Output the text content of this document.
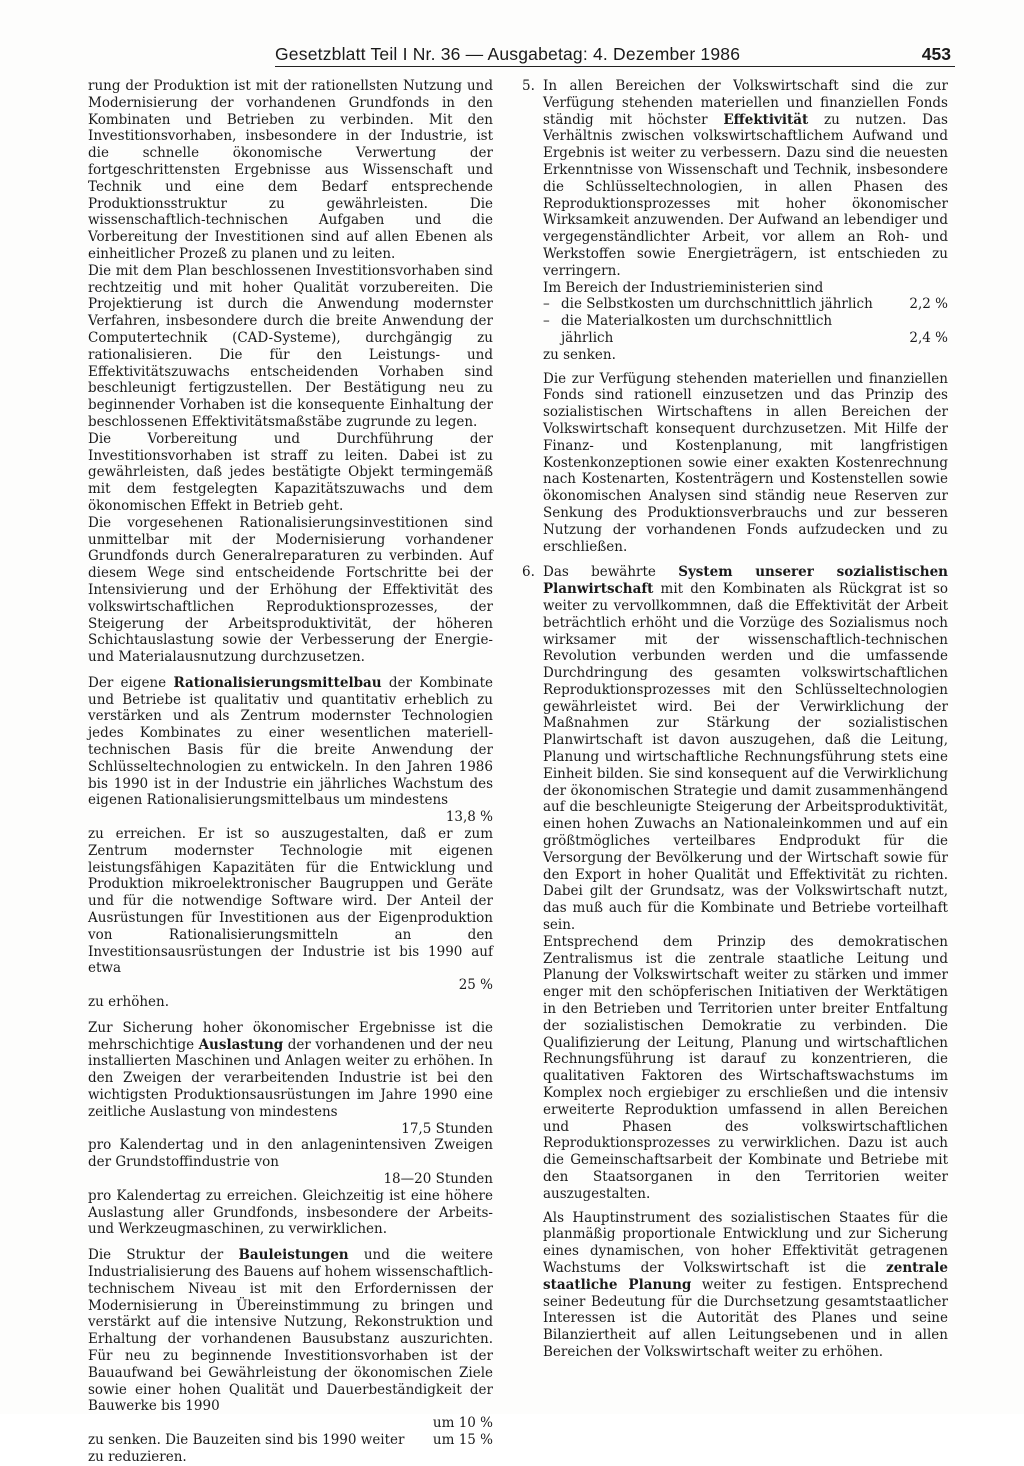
Gesetzblatt Teil I Nr. 36 — Ausgabetag: 4. Dezember 1986	453

rung der Produktion ist mit der rationellsten Nutzung und Modernisierung der vorhandenen Grundfonds in den Kombinaten und Betrieben zu verbinden. Mit den Investitionsvorhaben, insbesondere in der Industrie, ist die schnelle ökonomische Verwertung der fortgeschrittensten Ergebnisse aus Wissenschaft und Technik und eine dem Bedarf entsprechende Produktionsstruktur zu gewährleisten. Die wissenschaftlich-technischen Aufgaben und die Vorbereitung der Investitionen sind auf allen Ebenen als einheitlicher Prozeß zu planen und zu leiten.

Die mit dem Plan beschlossenen Investitionsvorhaben sind rechtzeitig und mit hoher Qualität vorzubereiten. Die Projektierung ist durch die Anwendung modernster Verfahren, insbesondere durch die breite Anwendung der Computertechnik (CAD-Systeme), durchgängig zu rationalisieren. Die für den Leistungs- und Effektivitätszuwachs entscheidenden Vorhaben sind beschleunigt fertigzustellen. Der Bestätigung neu zu beginnender Vorhaben ist die konsequente Einhaltung der beschlossenen Effektivitätsmaßstäbe zugrunde zu legen.

Die Vorbereitung und Durchführung der Investitionsvorhaben ist straff zu leiten. Dabei ist zu gewährleisten, daß jedes bestätigte Objekt termingemäß mit dem festgelegten Kapazitätszuwachs und dem ökonomischen Effekt in Betrieb geht.

Die vorgesehenen Rationalisierungsinvestitionen sind unmittelbar mit der Modernisierung vorhandener Grundfonds durch Generalreparaturen zu verbinden. Auf diesem Wege sind entscheidende Fortschritte bei der Intensivierung und der Erhöhung der Effektivität des volkswirtschaftlichen Reproduktionsprozesses, der Steigerung der Arbeitsproduktivität, der höheren Schichtauslastung sowie der Verbesserung der Energie- und Materialausnutzung durchzusetzen.

Der eigene Rationalisierungsmittelbau der Kombinate und Betriebe ist qualitativ und quantitativ erheblich zu verstärken und als Zentrum modernster Technologien jedes Kombinates zu einer wesentlichen materiell-technischen Basis für die breite Anwendung der Schlüsseltechnologien zu entwickeln. In den Jahren 1986 bis 1990 ist in der Industrie ein jährliches Wachstum des eigenen Rationalisierungsmittelbaus um mindestens

13,8 %

zu erreichen. Er ist so auszugestalten, daß er zum Zentrum modernster Technologie mit eigenen leistungsfähigen Kapazitäten für die Entwicklung und Produktion mikroelektronischer Baugruppen und Geräte und für die notwendige Software wird. Der Anteil der Ausrüstungen für Investitionen aus der Eigenproduktion von Rationalisierungsmitteln an den Investitionsausrüstungen der Industrie ist bis 1990 auf etwa

25 %

zu erhöhen.

Zur Sicherung hoher ökonomischer Ergebnisse ist die mehrschichtige Auslastung der vorhandenen und der neu installierten Maschinen und Anlagen weiter zu erhöhen. In den Zweigen der verarbeitenden Industrie ist bei den wichtigsten Produktionsausrüstungen im Jahre 1990 eine zeitliche Auslastung von mindestens

17,5 Stunden

pro Kalendertag und in den anlagenintensiven Zweigen der Grundstoffindustrie von

18—20 Stunden

pro Kalendertag zu erreichen. Gleichzeitig ist eine höhere Auslastung aller Grundfonds, insbesondere der Arbeits- und Werkzeugmaschinen, zu verwirklichen.

Die Struktur der Bauleistungen und die weitere Industrialisierung des Bauens auf hohem wissenschaftlich-technischem Niveau ist mit den Erfordernissen der Modernisierung in Übereinstimmung zu bringen und verstärkt auf die intensive Nutzung, Rekonstruktion und Erhaltung der vorhandenen Bausubstanz auszurichten. Für neu zu beginnende Investitionsvorhaben ist der Bauaufwand bei Gewährleistung der ökonomischen Ziele sowie einer hohen Qualität und Dauerbeständigkeit der Bauwerke bis 1990

um 10 %
zu senken. Die Bauzeiten sind bis 1990 weiter	um 15 %

zu reduzieren.

5. In allen Bereichen der Volkswirtschaft sind die zur Verfügung stehenden materiellen und finanziellen Fonds ständig mit höchster Effektivität zu nutzen. Das Verhältnis zwischen volkswirtschaftlichem Aufwand und Ergebnis ist weiter zu verbessern. Dazu sind die neuesten Erkenntnisse von Wissenschaft und Technik, insbesondere die Schlüsseltechnologien, in allen Phasen des Reproduktionsprozesses mit hoher ökonomischer Wirksamkeit anzuwenden. Der Aufwand an lebendiger und vergegenständlichter Arbeit, vor allem an Roh- und Werkstoffen sowie Energieträgern, ist entschieden zu verringern.

Im Bereich der Industrieministerien sind

– die Selbstkosten um durchschnittlich jährlich	2,2 %
– die Materialkosten um durchschnittlich
jährlich	2,4 %

zu senken.

Die zur Verfügung stehenden materiellen und finanziellen Fonds sind rationell einzusetzen und das Prinzip des sozialistischen Wirtschaftens in allen Bereichen der Volkswirtschaft konsequent durchzusetzen. Mit Hilfe der Finanz- und Kostenplanung, mit langfristigen Kostenkonzeptionen sowie einer exakten Kostenrechnung nach Kostenarten, Kostenträgern und Kostenstellen sowie ökonomischen Analysen sind ständig neue Reserven zur Senkung des Produktionsverbrauchs und zur besseren Nutzung der vorhandenen Fonds aufzudecken und zu erschließen.

6. Das bewährte System unserer sozialistischen Planwirtschaft mit den Kombinaten als Rückgrat ist so weiter zu vervollkommnen, daß die Effektivität der Arbeit beträchtlich erhöht und die Vorzüge des Sozialismus noch wirksamer mit der wissenschaftlich-technischen Revolution verbunden werden und die umfassende Durchdringung des gesamten volkswirtschaftlichen Reproduktionsprozesses mit den Schlüsseltechnologien gewährleistet wird. Bei der Verwirklichung der Maßnahmen zur Stärkung der sozialistischen Planwirtschaft ist davon auszugehen, daß die Leitung, Planung und wirtschaftliche Rechnungsführung stets eine Einheit bilden. Sie sind konsequent auf die Verwirklichung der ökonomischen Strategie und damit zusammenhängend auf die beschleunigte Steigerung der Arbeitsproduktivität, einen hohen Zuwachs an Nationaleinkommen und auf ein größtmögliches verteilbares Endprodukt für die Versorgung der Bevölkerung und der Wirtschaft sowie für den Export in hoher Qualität und Effektivität zu richten. Dabei gilt der Grundsatz, was der Volkswirtschaft nutzt, das muß auch für die Kombinate und Betriebe vorteilhaft sein.

Entsprechend dem Prinzip des demokratischen Zentralismus ist die zentrale staatliche Leitung und Planung der Volkswirtschaft weiter zu stärken und immer enger mit den schöpferischen Initiativen der Werktätigen in den Betrieben und Territorien unter breiter Entfaltung der sozialistischen Demokratie zu verbinden. Die Qualifizierung der Leitung, Planung und wirtschaftlichen Rechnungsführung ist darauf zu konzentrieren, die qualitativen Faktoren des Wirtschaftswachstums im Komplex noch ergiebiger zu erschließen und die intensiv erweiterte Reproduktion umfassend in allen Bereichen und Phasen des volkswirtschaftlichen Reproduktionsprozesses zu verwirklichen. Dazu ist auch die Gemeinschaftsarbeit der Kombinate und Betriebe mit den Staatsorganen in den Territorien weiter auszugestalten.

Als Hauptinstrument des sozialistischen Staates für die planmäßig proportionale Entwicklung und zur Sicherung eines dynamischen, von hoher Effektivität getragenen Wachstums der Volkswirtschaft ist die zentrale staatliche Planung weiter zu festigen. Entsprechend seiner Bedeutung für die Durchsetzung gesamtstaatlicher Interessen ist die Autorität des Planes und seine Bilanziertheit auf allen Leitungsebenen und in allen Bereichen der Volkswirtschaft weiter zu erhöhen.
